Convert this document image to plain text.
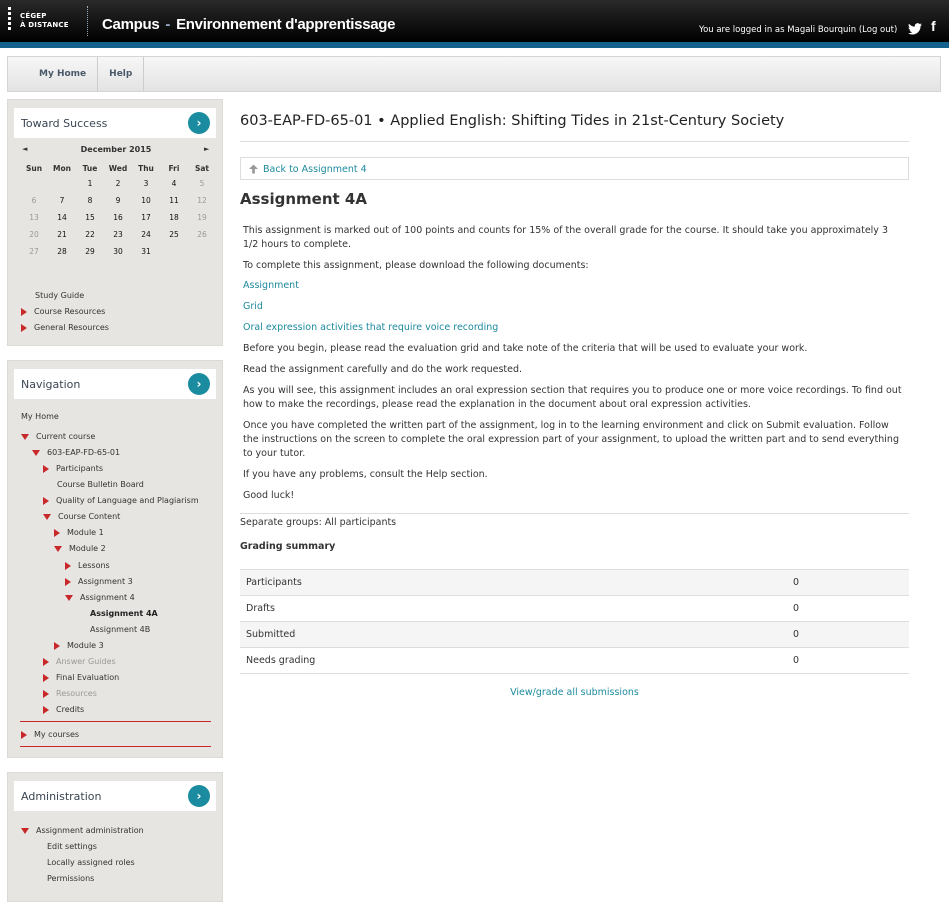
CÉGEP
À DISTANCE Campus - Environnement d'apprentissage	You are logged in as Magali Bourquin (Log out) f
My Home	Help
Toward Success	›
◄	December 2015	►
Sun	Mon	Tue	Wed	Thu	Fri	Sat
		1	2	3	4	5
6	7	8	9	10	11	12
13	14	15	16	17	18	19
20	21	22	23	24	25	26
27	28	29	30	31		
Study Guide
Course Resources
General Resources
Navigation	›
My Home
Current course
603-EAP-FD-65-01
Participants
Course Bulletin Board
Quality of Language and Plagiarism
Course Content
Module 1
Module 2
Lessons
Assignment 3
Assignment 4
Assignment 4A
Assignment 4B
Module 3
Answer Guides
Final Evaluation
Resources
Credits
My courses
Administration	›
Assignment administration
Edit settings
Locally assigned roles
Permissions
603-EAP-FD-65-01 • Applied English: Shifting Tides in 21st-Century Society
Back to Assignment 4
Assignment 4A
This assignment is marked out of 100 points and counts for 15% of the overall grade for the course. It should take you approximately 3 1/2 hours to complete.
To complete this assignment, please download the following documents:
Assignment
Grid
Oral expression activities that require voice recording
Before you begin, please read the evaluation grid and take note of the criteria that will be used to evaluate your work.
Read the assignment carefully and do the work requested.
As you will see, this assignment includes an oral expression section that requires you to produce one or more voice recordings. To find out how to make the recordings, please read the explanation in the document about oral expression activities.
Once you have completed the written part of the assignment, log in to the learning environment and click on Submit evaluation. Follow the instructions on the screen to complete the oral expression part of your assignment, to upload the written part and to send everything to your tutor.
If you have any problems, consult the Help section.
Good luck!
Separate groups: All participants
Grading summary
Participants	0
Drafts	0
Submitted	0
Needs grading	0
View/grade all submissions
